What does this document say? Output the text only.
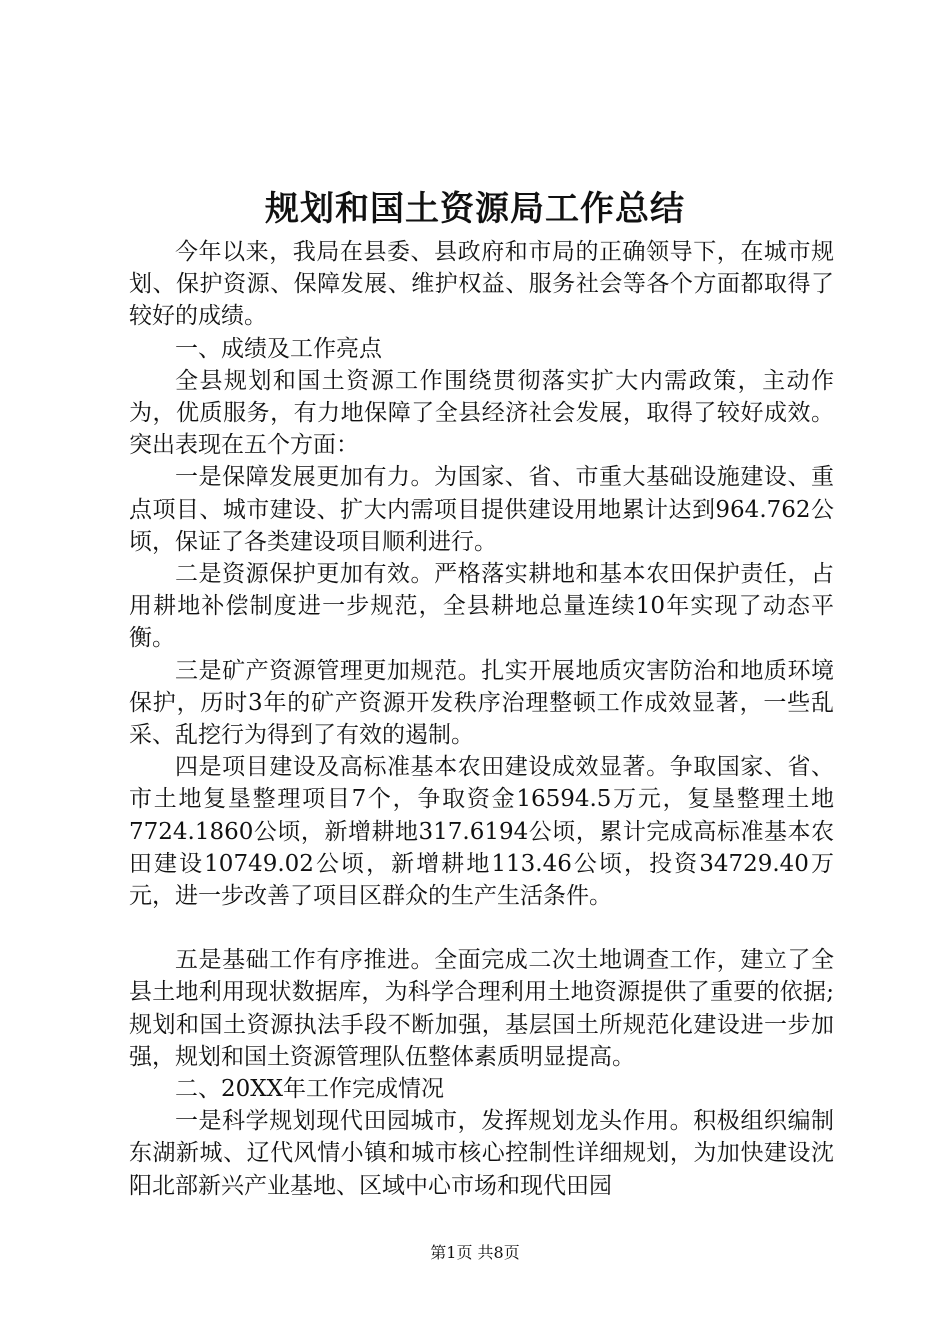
规划和国土资源局工作总结

今年以来，我局在县委、县政府和市局的正确领导下，在城市规划、保护资源、保障发展、维护权益、服务社会等各个方面都取得了较好的成绩。

一、成绩及工作亮点

全县规划和国土资源工作围绕贯彻落实扩大内需政策，主动作为，优质服务，有力地保障了全县经济社会发展，取得了较好成效。突出表现在五个方面：

一是保障发展更加有力。为国家、省、市重大基础设施建设、重点项目、城市建设、扩大内需项目提供建设用地累计达到964.762公顷，保证了各类建设项目顺利进行。

二是资源保护更加有效。严格落实耕地和基本农田保护责任，占用耕地补偿制度进一步规范，全县耕地总量连续10年实现了动态平衡。

三是矿产资源管理更加规范。扎实开展地质灾害防治和地质环境保护，历时3年的矿产资源开发秩序治理整顿工作成效显著，一些乱采、乱挖行为得到了有效的遏制。

四是项目建设及高标准基本农田建设成效显著。争取国家、省、市土地复垦整理项目7个，争取资金16594.5万元，复垦整理土地7724.1860公顷，新增耕地317.6194公顷，累计完成高标准基本农田建设10749.02公顷，新增耕地113.46公顷，投资34729.40万元，进一步改善了项目区群众的生产生活条件。

五是基础工作有序推进。全面完成二次土地调查工作，建立了全县土地利用现状数据库，为科学合理利用土地资源提供了重要的依据;规划和国土资源执法手段不断加强，基层国土所规范化建设进一步加强，规划和国土资源管理队伍整体素质明显提高。

二、20XX年工作完成情况

一是科学规划现代田园城市，发挥规划龙头作用。积极组织编制东湖新城、辽代风情小镇和城市核心控制性详细规划，为加快建设沈阳北部新兴产业基地、区域中心市场和现代田园

第1页 共8页
